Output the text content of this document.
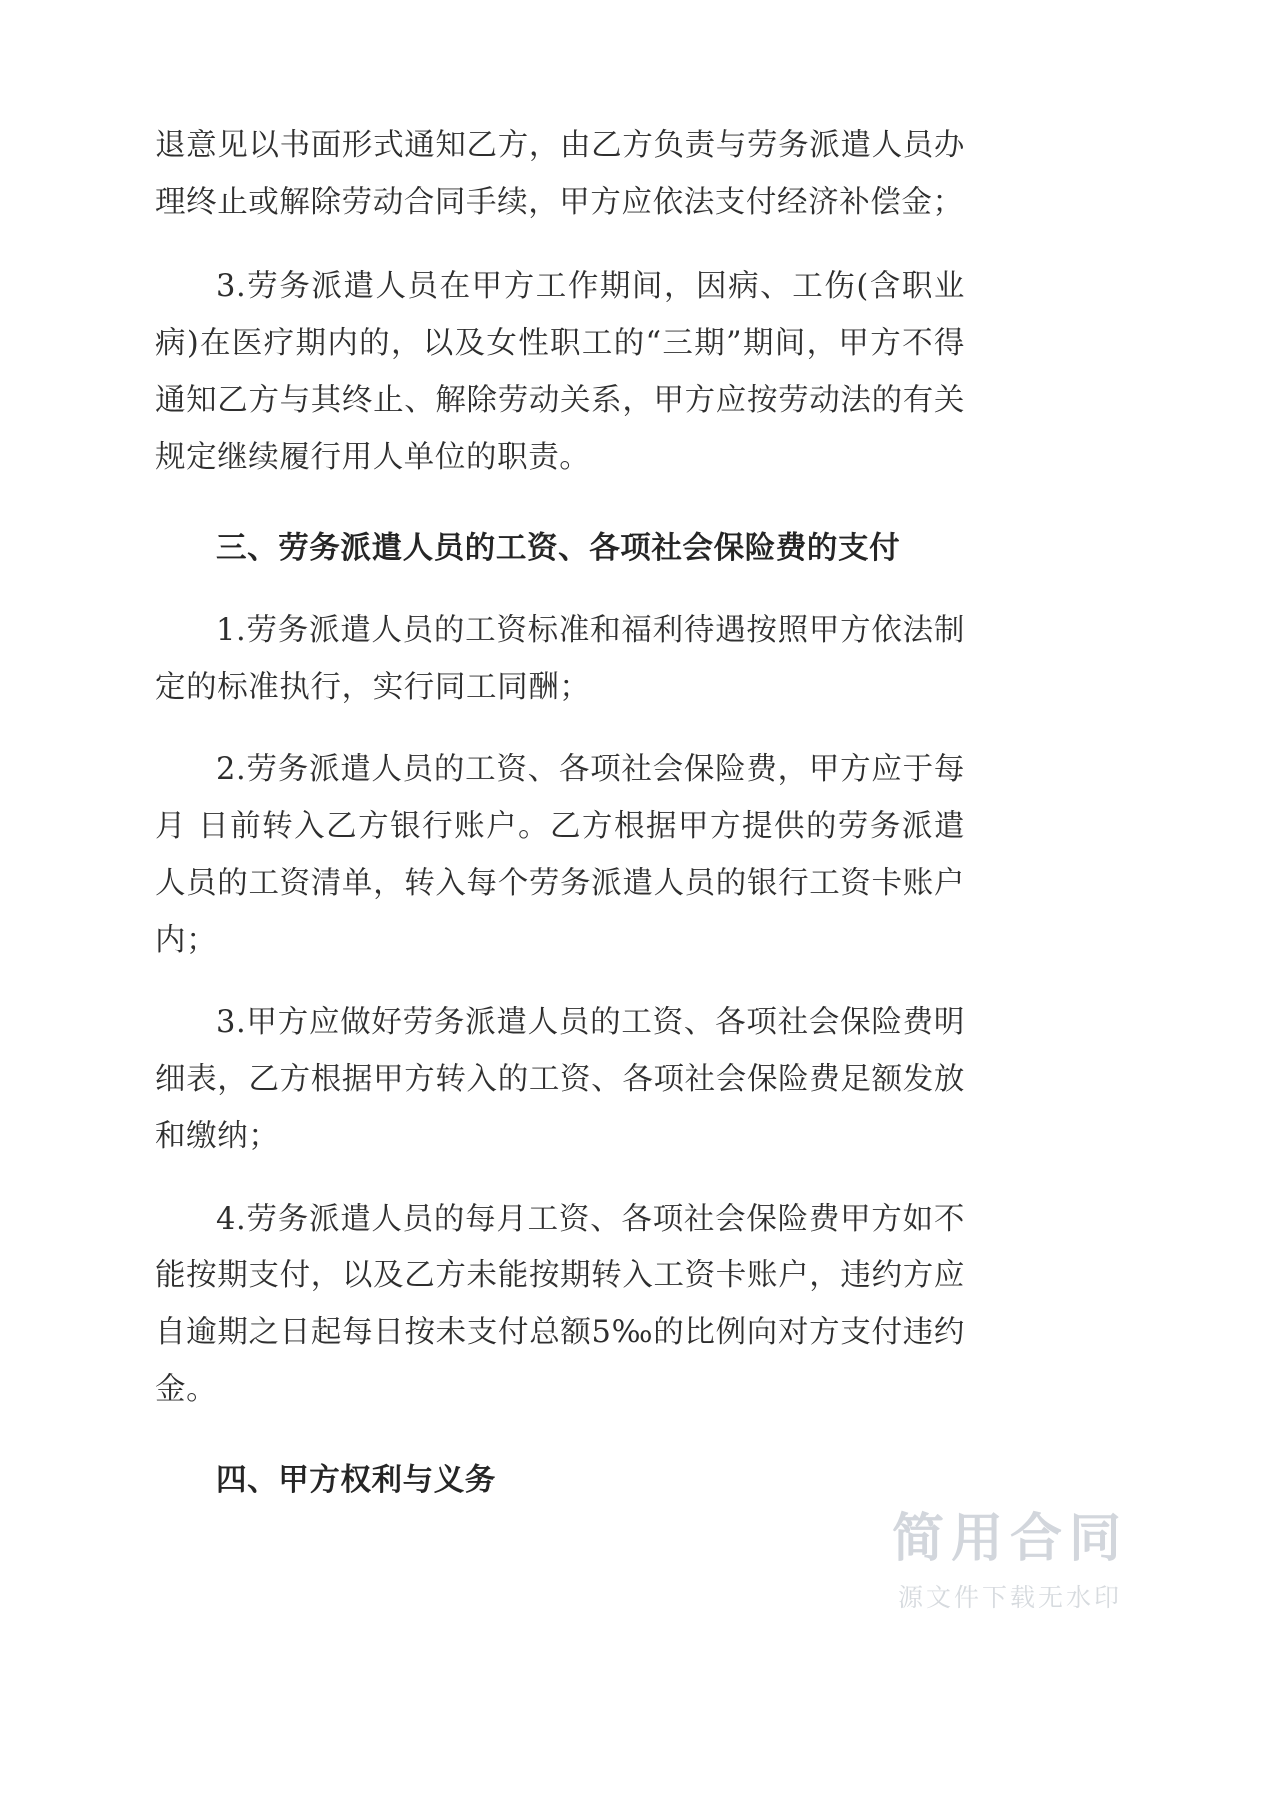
退意见以书面形式通知乙方，由乙方负责与劳务派遣人员办理终止或解除劳动合同手续，甲方应依法支付经济补偿金；

3.劳务派遣人员在甲方工作期间，因病、工伤(含职业病)在医疗期内的，以及女性职工的“三期”期间，甲方不得通知乙方与其终止、解除劳动关系，甲方应按劳动法的有关规定继续履行用人单位的职责。

三、劳务派遣人员的工资、各项社会保险费的支付

1.劳务派遣人员的工资标准和福利待遇按照甲方依法制定的标准执行，实行同工同酬；

2.劳务派遣人员的工资、各项社会保险费，甲方应于每月 日前转入乙方银行账户。乙方根据甲方提供的劳务派遣人员的工资清单，转入每个劳务派遣人员的银行工资卡账户内；

3.甲方应做好劳务派遣人员的工资、各项社会保险费明细表，乙方根据甲方转入的工资、各项社会保险费足额发放和缴纳；

4.劳务派遣人员的每月工资、各项社会保险费甲方如不能按期支付，以及乙方未能按期转入工资卡账户，违约方应自逾期之日起每日按未支付总额5‰的比例向对方支付违约金。

四、甲方权利与义务

简用合同
源文件下载无水印
